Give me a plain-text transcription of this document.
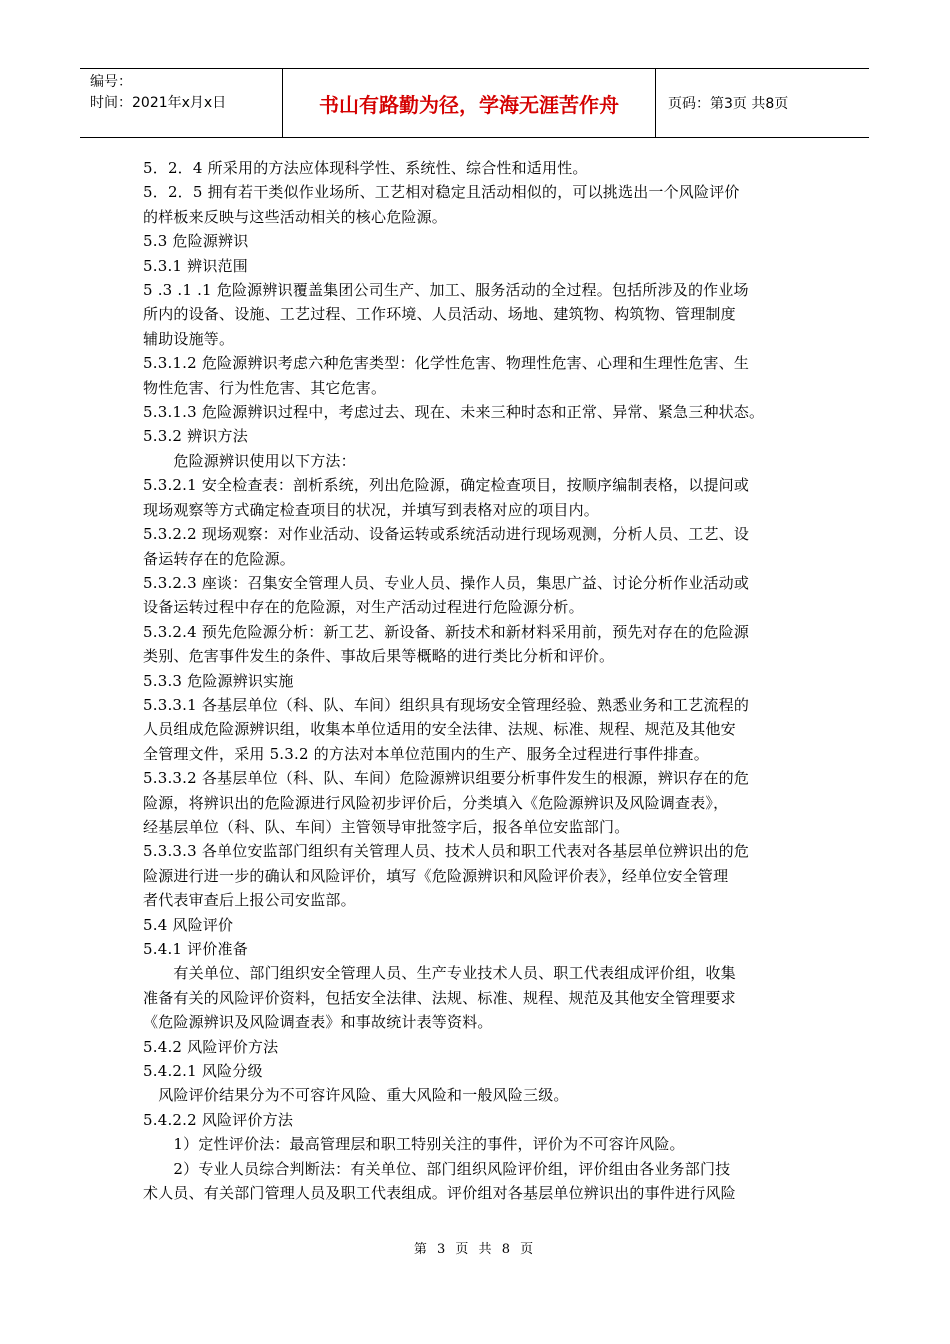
编号：
时间：2021年x月x日	书山有路勤为径，学海无涯苦作舟	页码：第3页 共8页
5．2．4 所采用的方法应体现科学性、系统性、综合性和适用性。
5．2．5 拥有若干类似作业场所、工艺相对稳定且活动相似的，可以挑选出一个风险评价
的样板来反映与这些活动相关的核心危险源。
5.3 危险源辨识
5.3.1 辨识范围
5 .3 .1 .1 危险源辨识覆盖集团公司生产、加工、服务活动的全过程。包括所涉及的作业场
所内的设备、设施、工艺过程、工作环境、人员活动、场地、建筑物、构筑物、管理制度
辅助设施等。
5.3.1.2 危险源辨识考虑六种危害类型：化学性危害、物理性危害、心理和生理性危害、生
物性危害、行为性危害、其它危害。
5.3.1.3 危险源辨识过程中，考虑过去、现在、未来三种时态和正常、异常、紧急三种状态。
5.3.2 辨识方法
　　危险源辨识使用以下方法：
5.3.2.1 安全检查表：剖析系统，列出危险源，确定检查项目，按顺序编制表格，以提问或
现场观察等方式确定检查项目的状况，并填写到表格对应的项目内。
5.3.2.2 现场观察：对作业活动、设备运转或系统活动进行现场观测，分析人员、工艺、设
备运转存在的危险源。
5.3.2.3 座谈：召集安全管理人员、专业人员、操作人员，集思广益、讨论分析作业活动或
设备运转过程中存在的危险源，对生产活动过程进行危险源分析。
5.3.2.4 预先危险源分析：新工艺、新设备、新技术和新材料采用前，预先对存在的危险源
类别、危害事件发生的条件、事故后果等概略的进行类比分析和评价。
5.3.3 危险源辨识实施
5.3.3.1 各基层单位（科、队、车间）组织具有现场安全管理经验、熟悉业务和工艺流程的
人员组成危险源辨识组，收集本单位适用的安全法律、法规、标准、规程、规范及其他安
全管理文件，采用 5.3.2 的方法对本单位范围内的生产、服务全过程进行事件排查。
5.3.3.2 各基层单位（科、队、车间）危险源辨识组要分析事件发生的根源，辨识存在的危
险源，将辨识出的危险源进行风险初步评价后，分类填入《危险源辨识及风险调查表》，
经基层单位（科、队、车间）主管领导审批签字后，报各单位安监部门。
5.3.3.3 各单位安监部门组织有关管理人员、技术人员和职工代表对各基层单位辨识出的危
险源进行进一步的确认和风险评价，填写《危险源辨识和风险评价表》，经单位安全管理
者代表审查后上报公司安监部。
5.4 风险评价
5.4.1 评价准备
　　有关单位、部门组织安全管理人员、生产专业技术人员、职工代表组成评价组，收集
准备有关的风险评价资料，包括安全法律、法规、标准、规程、规范及其他安全管理要求
《危险源辨识及风险调查表》和事故统计表等资料。
5.4.2 风险评价方法
5.4.2.1 风险分级
　风险评价结果分为不可容许风险、重大风险和一般风险三级。
5.4.2.2 风险评价方法
　　1）定性评价法：最高管理层和职工特别关注的事件，评价为不可容许风险。
　　2）专业人员综合判断法：有关单位、部门组织风险评价组，评价组由各业务部门技
术人员、有关部门管理人员及职工代表组成。评价组对各基层单位辨识出的事件进行风险
第 3 页 共 8 页
